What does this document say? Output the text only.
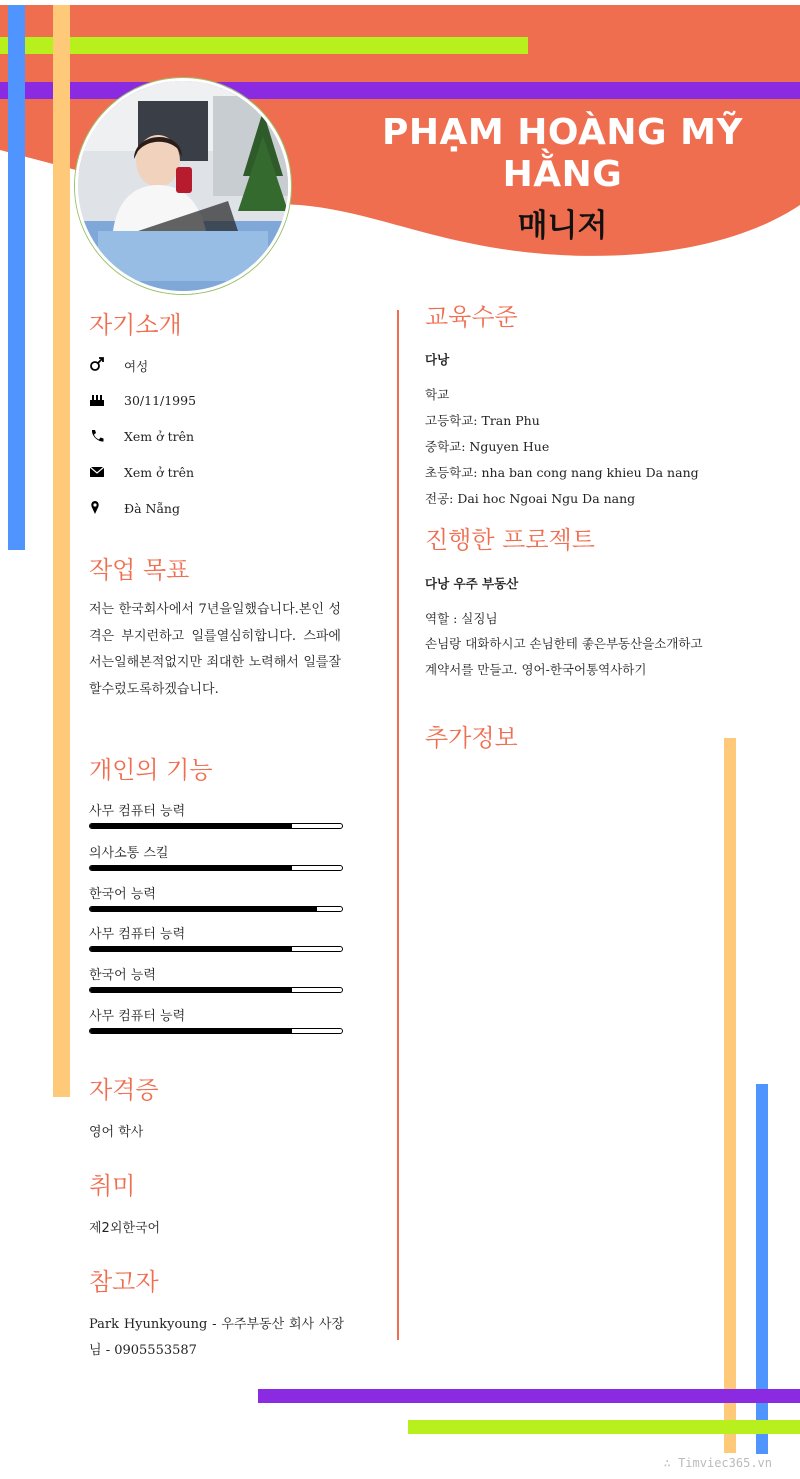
PHẠM HOÀNG MỸ HẰNG
매니저
자기소개
여성
30/11/1995
Xem ở trên
Xem ở trên
Đà Nẵng
작업 목표
저는 한국회사에서 7년을일했습니다.본인 성격은 부지런하고 일를열심히합니다. 스파에서는일해본적없지만 죄대한 노력해서 일를잘할수렀도록하겠습니다.
개인의 기능
사무 컴퓨터 능력
의사소통 스킬
한국어 능력
사무 컴퓨터 능력
한국어 능력
사무 컴퓨터 능력
자격증
영어 학사
취미
제2외한국어
참고자
Park Hyunkyoung - 우주부동산 회사 사장님 - 0905553587
교육수준
다낭
학교
고등학교: Tran Phu
중학교: Nguyen Hue
초등학교: nha ban cong nang khieu Da nang
전공: Dai hoc Ngoai Ngu Da nang
진행한 프로젝트
다낭 우주 부동산
역할 : 실징님
손님랑 대화하시고 손님한테 좋은부동산을소개하고 계약서를 만들고. 영어-한국어통역사하기
추가정보
∴ Timviec365.vn
